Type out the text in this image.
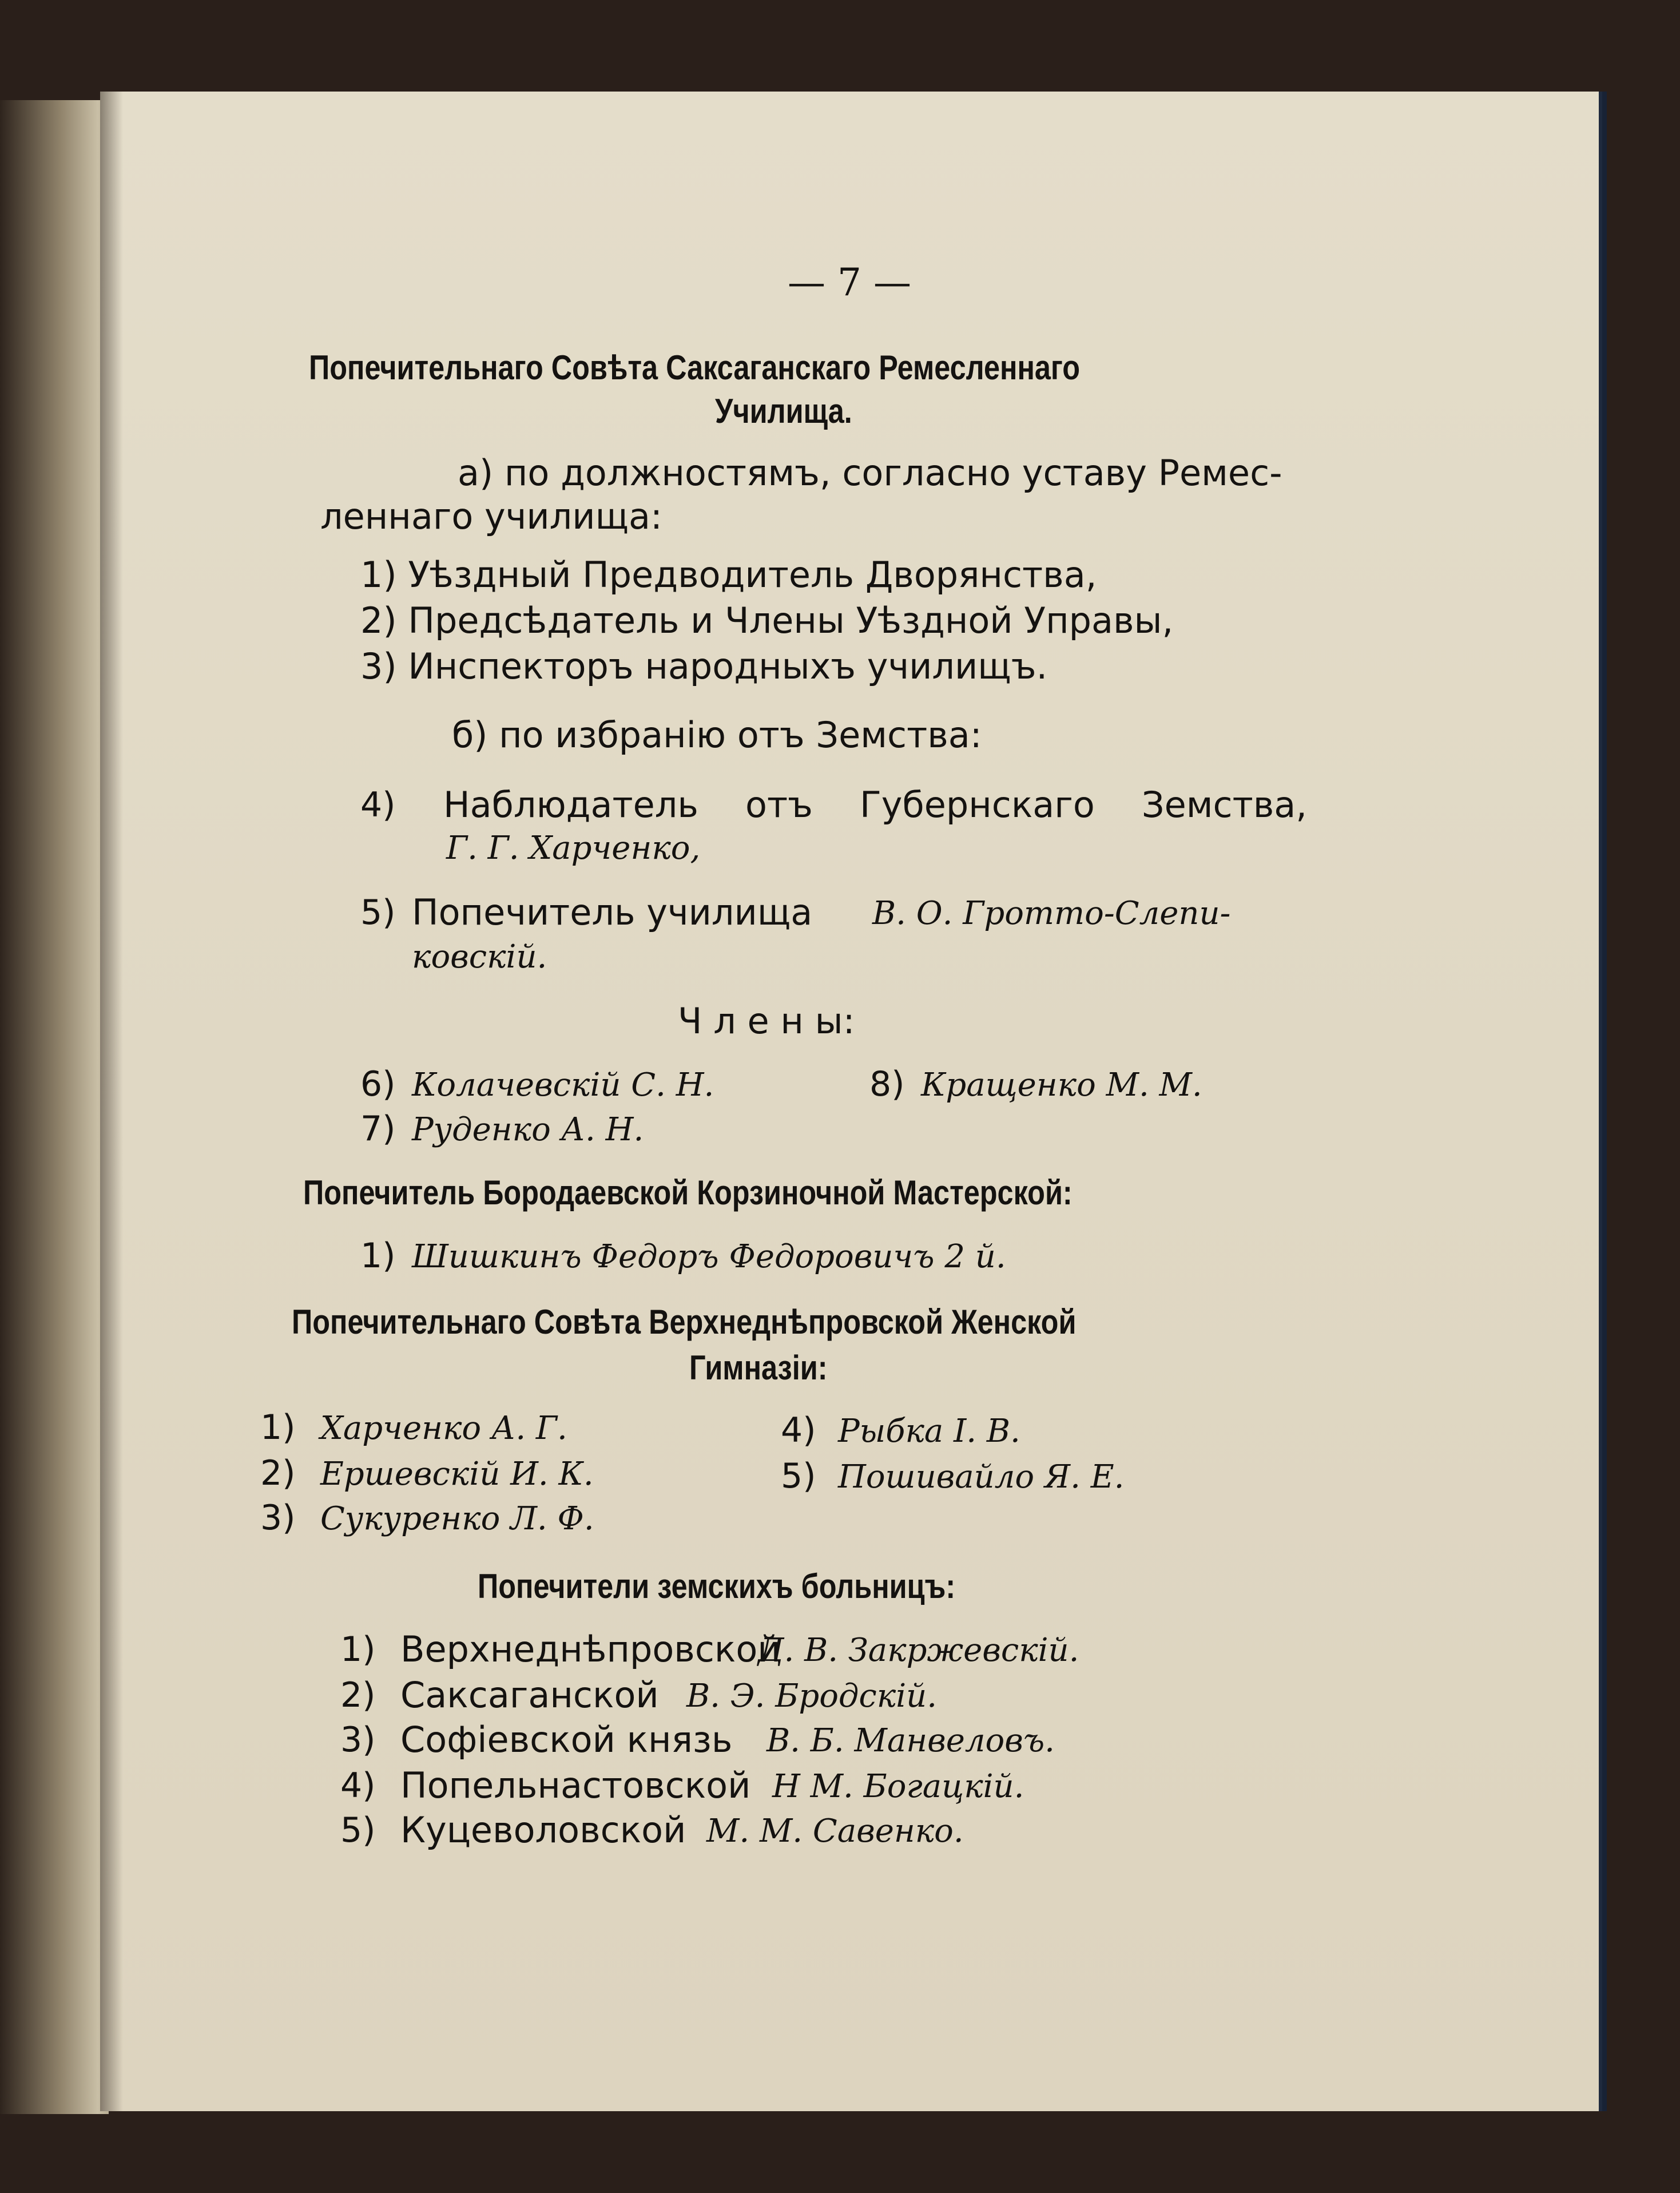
— 7 —
Попечительнаго Совѣта Саксаганскаго Ремесленнаго
Училища.
а) по должностямъ, согласно уставу Ремес-
леннаго училища:
1) Уѣздный Предводитель Дворянства,
2) Предсѣдатель и Члены Уѣздной Управы,
3) Инспекторъ народныхъ училищъ.
б) по избранію отъ Земства:
4) Наблюдатель отъ Губернскаго Земства,
Г. Г. Харченко,
5) Попечитель училища В. О. Гротто-Слепи-
ковскій.
Ч л е н ы:
6) Колачевскій С. Н.
7) Руденко А. Н.
8) Кращенко М. М.
Попечитель Бородаевской Корзиночной Мастерской:
1) Шишкинъ Федоръ Федоровичъ 2 й.
Попечительнаго Совѣта Верхнеднѣпровской Женской
Гимназіи:
1) Харченко А. Г.
2) Ершевскій И. К.
3) Сукуренко Л. Ф.
4) Рыбка І. В.
5) Пошивайло Я. Е.
Попечители земскихъ больницъ:
1) Верхнеднѣпровской
Д. В. Закржевскій.
2) Саксаганской В. Э. Бродскій.
3) Софіевской князь В. Б. Манвеловъ.
4) Попельнастовской Н М. Богацкій.
5) Куцеволовской М. М. Савенко.
